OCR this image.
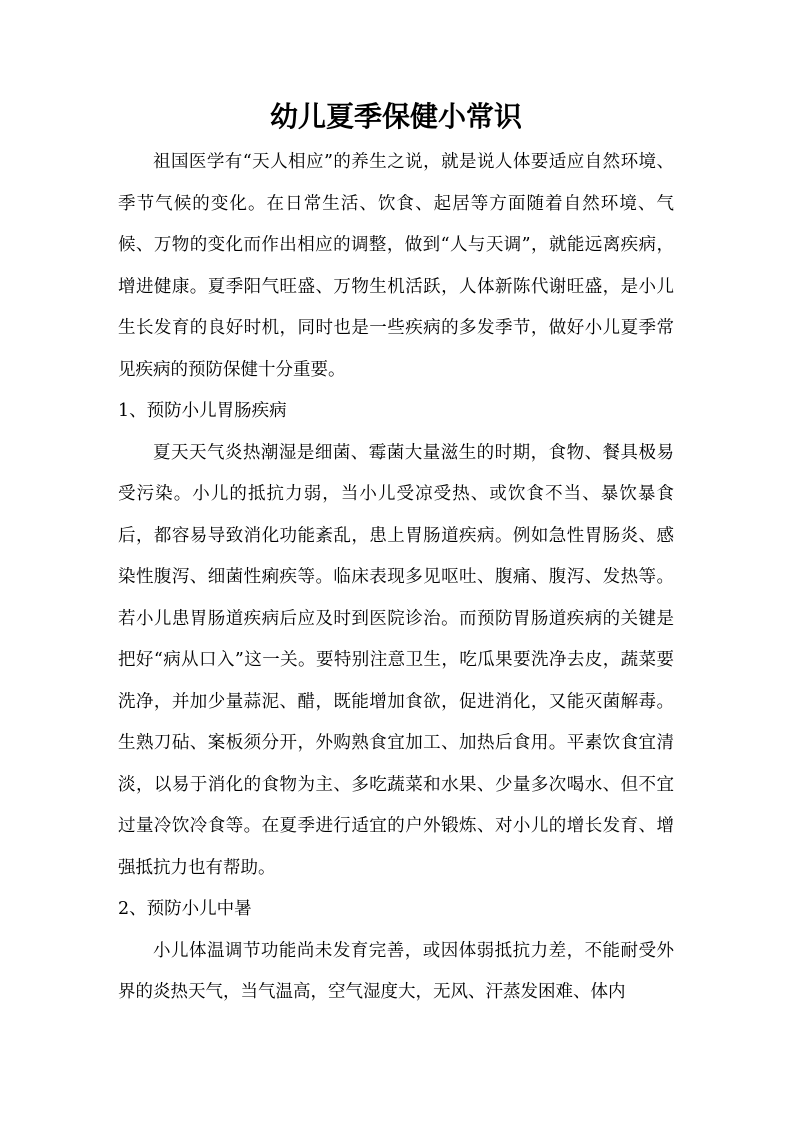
幼儿夏季保健小常识

祖国医学有“天人相应”的养生之说，就是说人体要适应自然环境、季节气候的变化。在日常生活、饮食、起居等方面随着自然环境、气候、万物的变化而作出相应的调整，做到“人与天调”，就能远离疾病，增进健康。夏季阳气旺盛、万物生机活跃，人体新陈代谢旺盛，是小儿生长发育的良好时机，同时也是一些疾病的多发季节，做好小儿夏季常见疾病的预防保健十分重要。

1、预防小儿胃肠疾病

夏天天气炎热潮湿是细菌、霉菌大量滋生的时期，食物、餐具极易受污染。小儿的抵抗力弱，当小儿受凉受热、或饮食不当、暴饮暴食后，都容易导致消化功能紊乱，患上胃肠道疾病。例如急性胃肠炎、感染性腹泻、细菌性痢疾等。临床表现多见呕吐、腹痛、腹泻、发热等。若小儿患胃肠道疾病后应及时到医院诊治。而预防胃肠道疾病的关键是把好“病从口入”这一关。要特别注意卫生，吃瓜果要洗净去皮，蔬菜要洗净，并加少量蒜泥、醋，既能增加食欲，促进消化，又能灭菌解毒。生熟刀砧、案板须分开，外购熟食宜加工、加热后食用。平素饮食宜清淡，以易于消化的食物为主、多吃蔬菜和水果、少量多次喝水、但不宜过量冷饮冷食等。在夏季进行适宜的户外锻炼、对小儿的增长发育、增强抵抗力也有帮助。

2、预防小儿中暑

小儿体温调节功能尚未发育完善，或因体弱抵抗力差，不能耐受外界的炎热天气，当气温高，空气湿度大，无风、汗蒸发困难、体内
